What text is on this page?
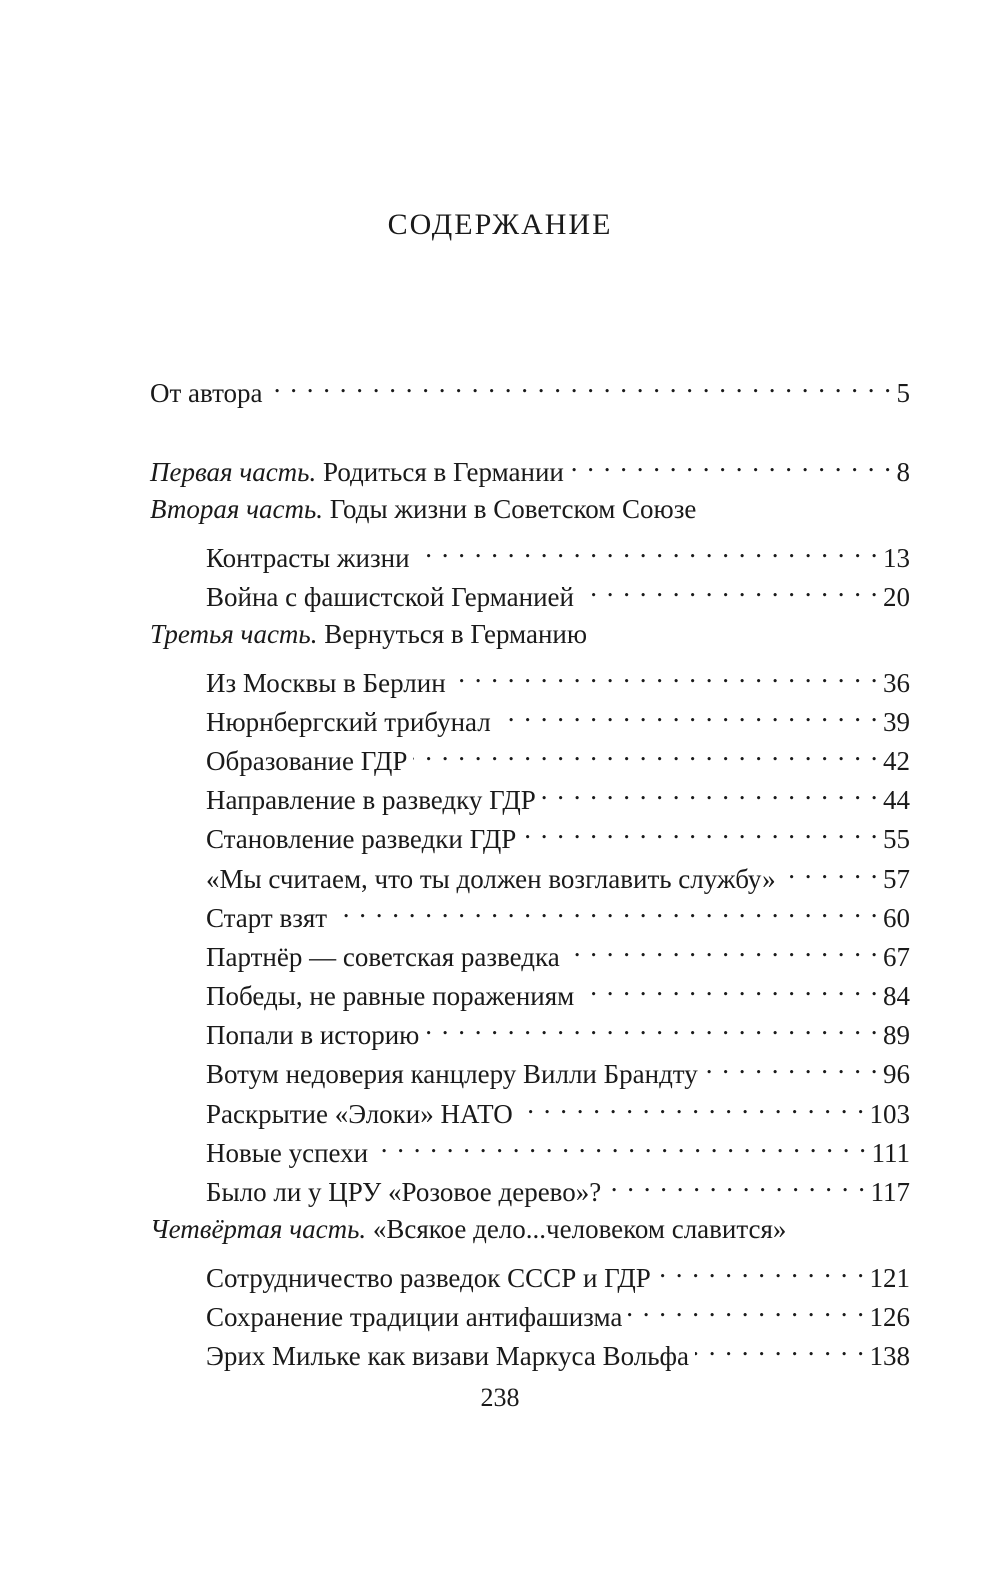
СОДЕРЖАНИЕ
От автора . . .	5
Первая часть. Родиться в Германии . . .	8
Вторая часть. Годы жизни в Советском Союзе
Контрасты жизни . . .	13
Война с фашистской Германией . . .	20
Третья часть. Вернуться в Германию
Из Москвы в Берлин . . .	36
Нюрнбергский трибунал . . .	39
Образование ГДР . . .	42
Направление в разведку ГДР . . .	44
Становление разведки ГДР . . .	55
«Мы считаем, что ты должен возглавить службу» . . .	57
Старт взят . . .	60
Партнёр — советская разведка . . .	67
Победы, не равные поражениям . . .	84
Попали в историю . . .	89
Вотум недоверия канцлеру Вилли Брандту . . .	96
Раскрытие «Элоки» НАТО . . .	103
Новые успехи . . .	111
Было ли у ЦРУ «Розовое дерево»? . . .	117
Четвёртая часть. «Всякое дело...человеком славится»
Сотрудничество разведок СССР и ГДР . . .	121
Сохранение традиции антифашизма . . .	126
Эрих Мильке как визави Маркуса Вольфа . . .	138
238
